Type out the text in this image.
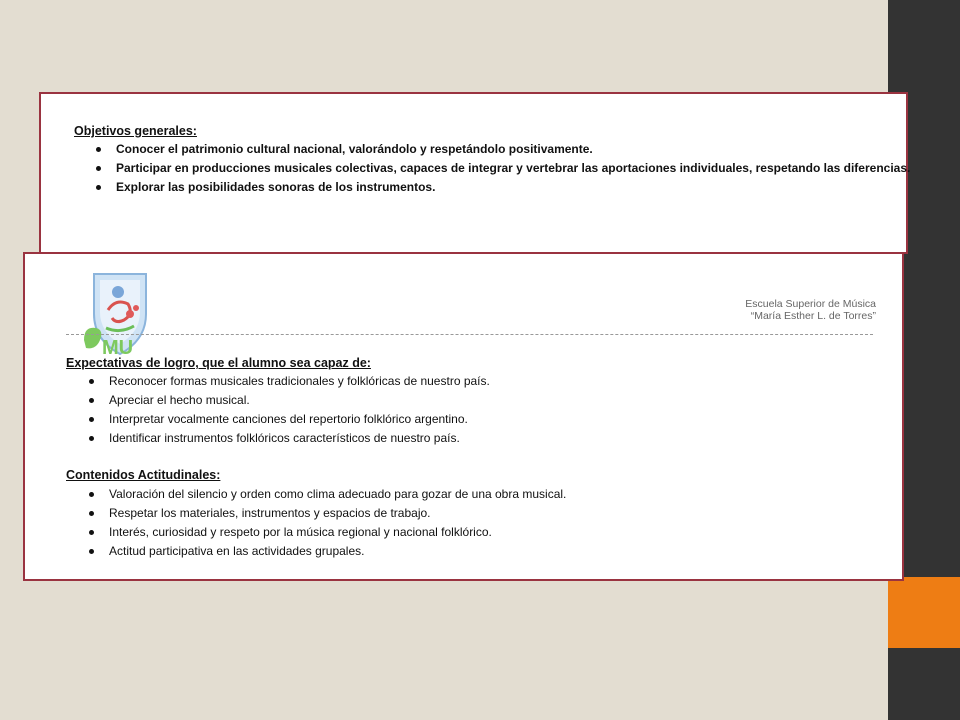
Objetivos generales:

Conocer el patrimonio cultural nacional, valorándolo y respetándolo positivamente.
Participar en producciones musicales colectivas, capaces de integrar y vertebrar las aportaciones individuales, respetando las diferencias.
Explorar las posibilidades sonoras de los instrumentos.
MU
Escuela Superior de Música
“María Esther L. de Torres”

Expectativas de logro, que el alumno sea capaz de:

Reconocer formas musicales tradicionales y folklóricas de nuestro país.
Apreciar el hecho musical.
Interpretar vocalmente canciones del repertorio folklórico argentino.
Identificar instrumentos folklóricos característicos de nuestro país.

Contenidos Actitudinales:

Valoración del silencio y orden como clima adecuado para gozar de una obra musical.
Respetar los materiales, instrumentos y espacios de trabajo.
Interés, curiosidad y respeto por la música regional y nacional folklórico.
Actitud participativa en las actividades grupales.
